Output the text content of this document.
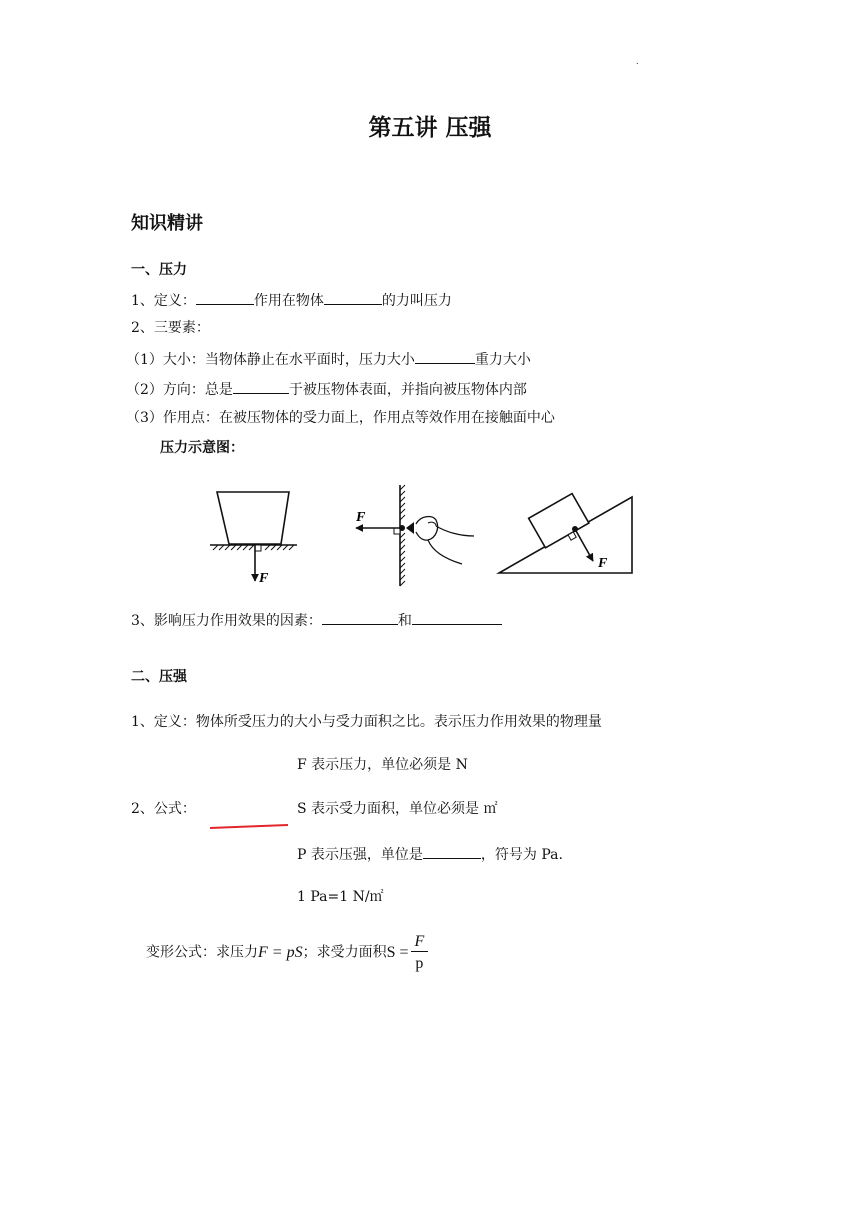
.
第五讲 压强
知识精讲
一、压力
1、定义：	作用在物体	的力叫压力
2、三要素：
（1）大小：当物体静止在水平面时，压力大小	重力大小
（2）方向：总是	于被压物体表面，并指向被压物体内部
（3）作用点：在被压物体的受力面上，作用点等效作用在接触面中心
压力示意图：
F
F
F
3、影响压力作用效果的因素：	和
二、压强
1、定义：物体所受压力的大小与受力面积之比。表示压力作用效果的物理量
F 表示压力，单位必须是 N
2、公式：	S 表示受力面积，单位必须是 ㎡
P 表示压强，单位是	，符号为 Pa.
1 Pa=1 N/㎡
变形公式：求压力F = pS；求受力面积$S = \frac{F}{p}$
